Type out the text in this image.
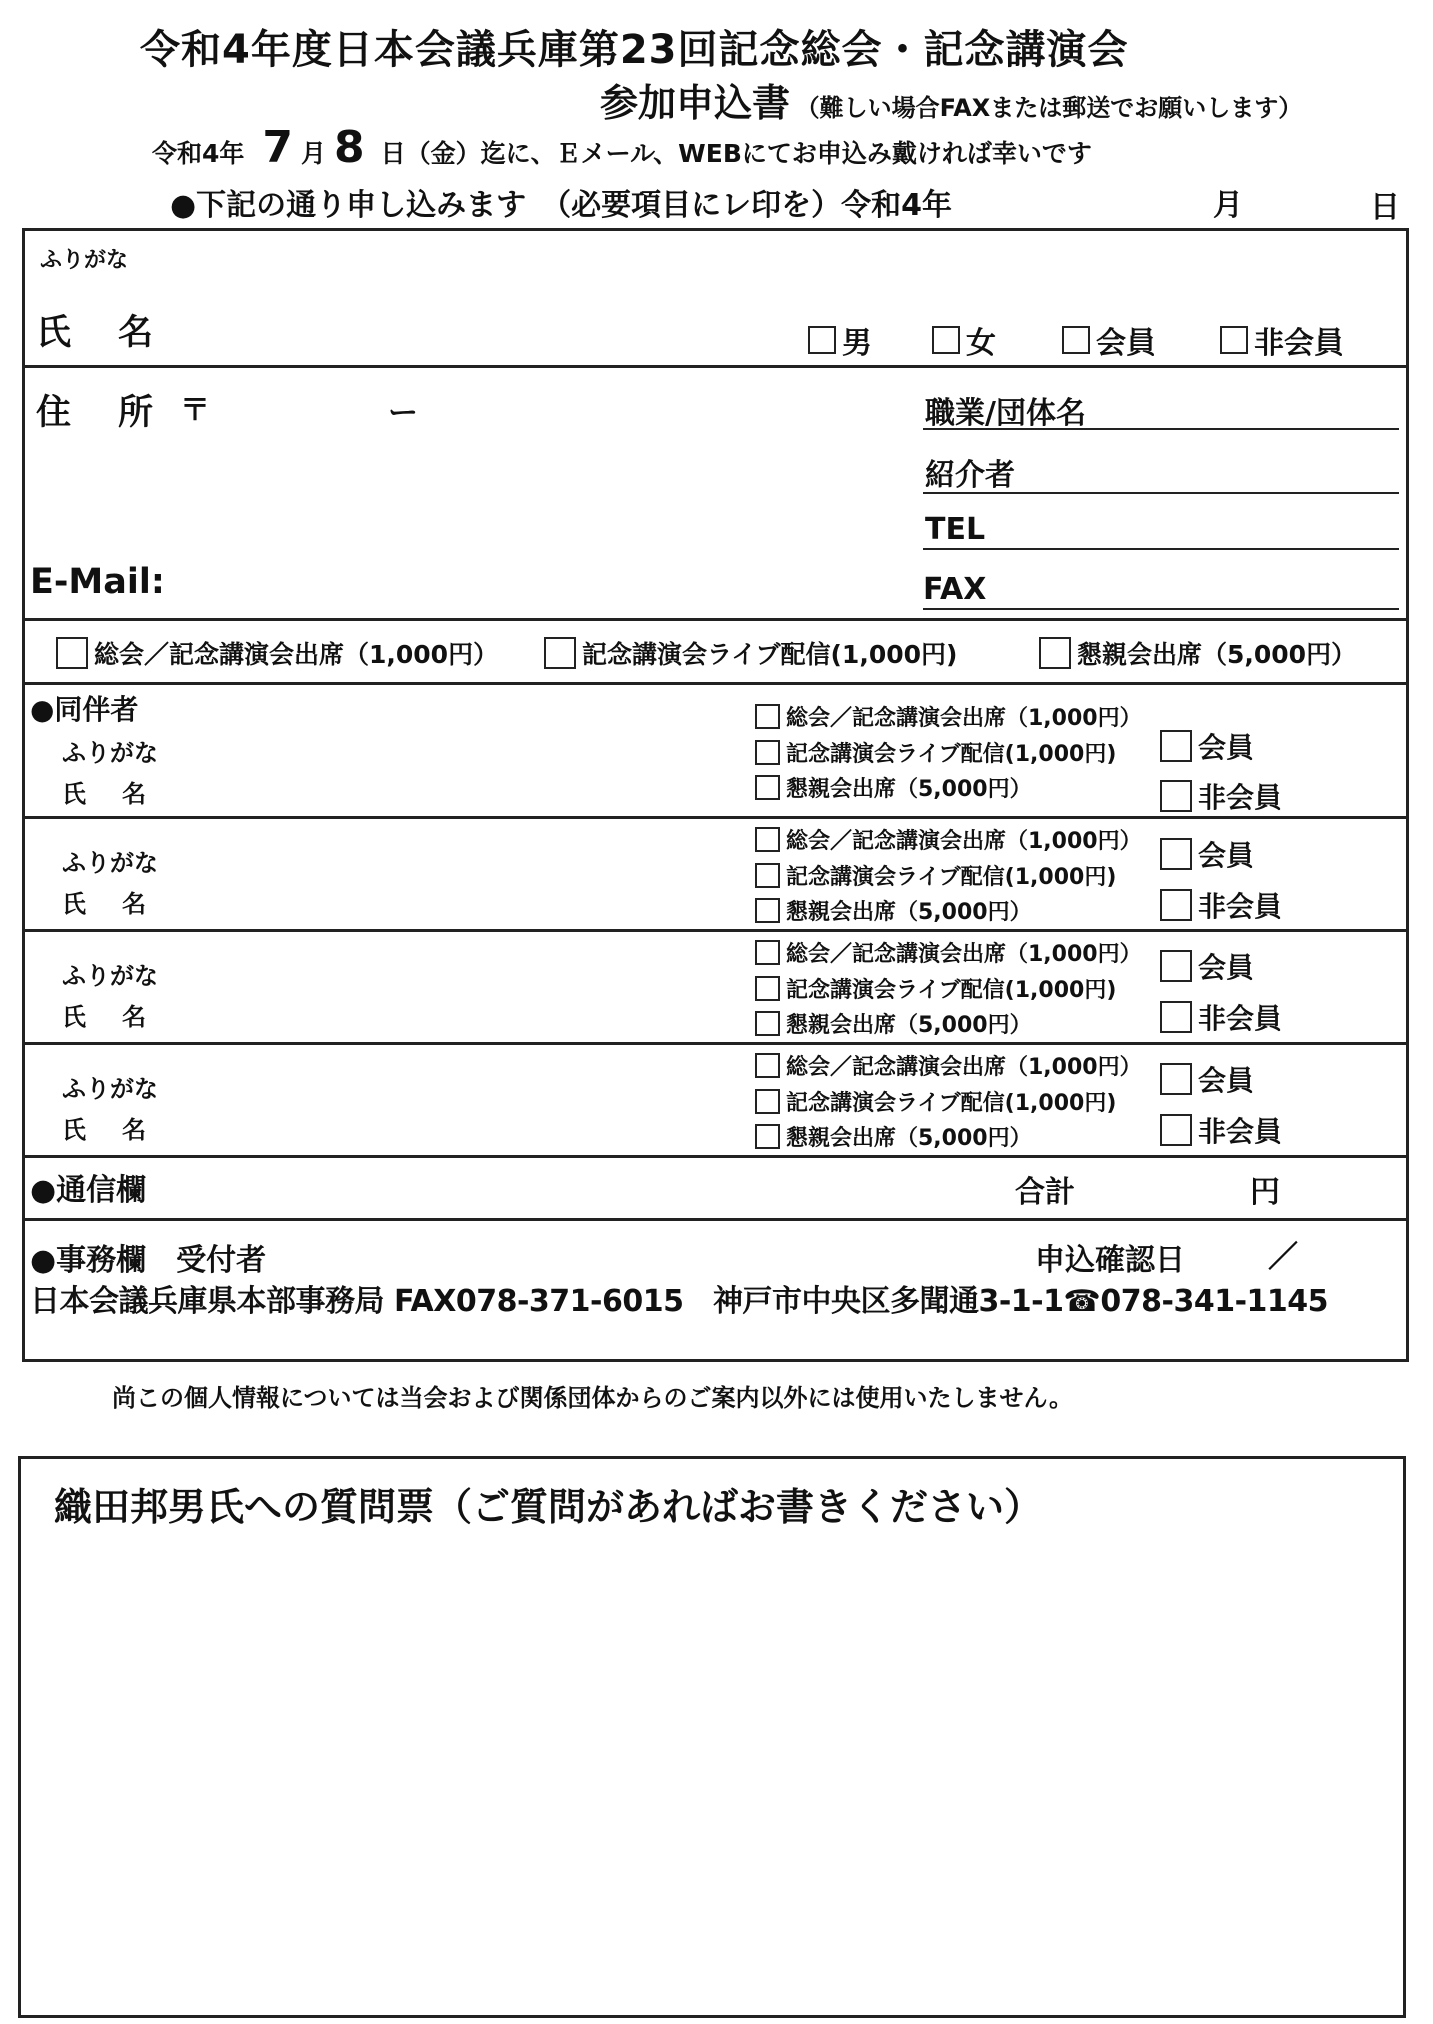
令和4年度日本会議兵庫第23回記念総会・記念講演会
参加申込書 （難しい場合FAXまたは郵送でお願いします）
令和4年 7 月 8 日（金）迄に、Ｅメール、WEBにてお申込み戴ければ幸いです
●下記の通り申し込みます　（必要項目にレ印を）令和4年	月	日
ふりがな
氏　名	男	女	会員	非会員
住　所 〒	ー
E-Mail:
職業/団体名
紹介者
TEL
FAX
総会／記念講演会出席（1,000円）	記念講演会ライブ配信(1,000円)	懇親会出席（5,000円）
●同伴者
ふりがな
氏　名
総会／記念講演会出席（1,000円）
記念講演会ライブ配信(1,000円)
懇親会出席（5,000円）
会員
非会員
ふりがな
氏　名
総会／記念講演会出席（1,000円）
記念講演会ライブ配信(1,000円)
懇親会出席（5,000円）
会員
非会員
ふりがな
氏　名
総会／記念講演会出席（1,000円）
記念講演会ライブ配信(1,000円)
懇親会出席（5,000円）
会員
非会員
ふりがな
氏　名
総会／記念講演会出席（1,000円）
記念講演会ライブ配信(1,000円)
懇親会出席（5,000円）
会員
非会員
●通信欄	合計	円
●事務欄　受付者	申込確認日	／
日本会議兵庫県本部事務局 FAX078-371-6015　神戸市中央区多聞通3-1-1☎078-341-1145
尚この個人情報については当会および関係団体からのご案内以外には使用いたしません。
織田邦男氏への質問票（ご質問があればお書きください）
